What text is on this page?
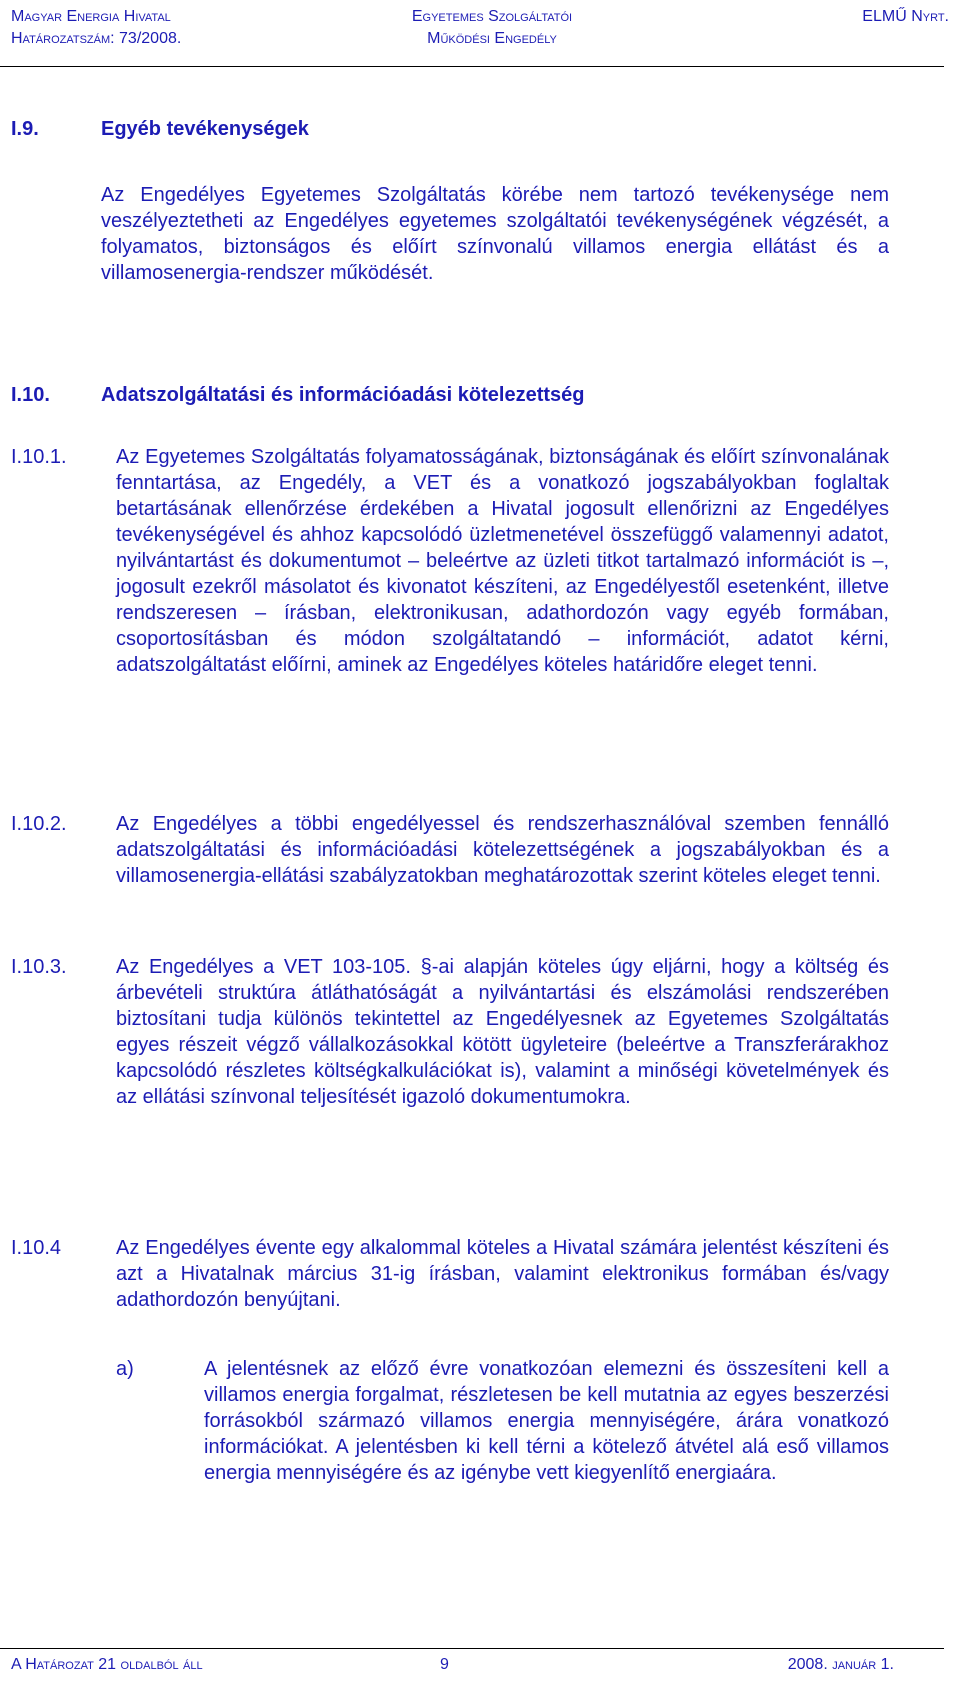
Magyar Energia Hivatal
Határozatszám: 73/2008.
Egyetemes Szolgáltatói
Működési Engedély
ELMŰ Nyrt.
I.9.	Egyéb tevékenységek
Az Engedélyes Egyetemes Szolgáltatás körébe nem tartozó tevékenysége nem veszélyeztetheti az Engedélyes egyetemes szolgáltatói tevékenységének végzését, a folyamatos, biztonságos és előírt színvonalú villamos energia ellátást és a villamosenergia-rendszer működését.
I.10.	Adatszolgáltatási és információadási kötelezettség
I.10.1. Az Egyetemes Szolgáltatás folyamatosságának, biztonságának és előírt színvonalának fenntartása, az Engedély, a VET és a vonatkozó jogszabályokban foglaltak betartásának ellenőrzése érdekében a Hivatal jogosult ellenőrizni az Engedélyes tevékenységével és ahhoz kapcsolódó üzletmenetével összefüggő valamennyi adatot, nyilvántartást és dokumentumot – beleértve az üzleti titkot tartalmazó információt is –, jogosult ezekről másolatot és kivonatot készíteni, az Engedélyestől esetenként, illetve rendszeresen – írásban, elektronikusan, adathordozón vagy egyéb formában, csoportosításban és módon szolgáltatandó – információt, adatot kérni, adatszolgáltatást előírni, aminek az Engedélyes köteles határidőre eleget tenni.
I.10.2. Az Engedélyes a többi engedélyessel és rendszerhasználóval szemben fennálló adatszolgáltatási és információadási kötelezettségének a jogszabályokban és a villamosenergia-ellátási szabályzatokban meghatározottak szerint köteles eleget tenni.
I.10.3. Az Engedélyes a VET 103-105. §-ai alapján köteles úgy eljárni, hogy a költség és árbevételi struktúra átláthatóságát a nyilvántartási és elszámolási rendszerében biztosítani tudja különös tekintettel az Engedélyesnek az Egyetemes Szolgáltatás egyes részeit végző vállalkozásokkal kötött ügyleteire (beleértve a Transzferárakhoz kapcsolódó részletes költségkalkulációkat is), valamint a minőségi követelmények és az ellátási színvonal teljesítését igazoló dokumentumokra.
I.10.4	Az Engedélyes évente egy alkalommal köteles a Hivatal számára jelentést készíteni és azt a Hivatalnak március 31-ig írásban, valamint elektronikus formában és/vagy adathordozón benyújtani.
a)	A jelentésnek az előző évre vonatkozóan elemezni és összesíteni kell a villamos energia forgalmat, részletesen be kell mutatnia az egyes beszerzési forrásokból származó villamos energia mennyiségére, árára vonatkozó információkat. A jelentésben ki kell térni a kötelező átvétel alá eső villamos energia mennyiségére és az igénybe vett kiegyenlítő energiaára.
A Határozat 21 oldalból áll	9	2008. január 1.
